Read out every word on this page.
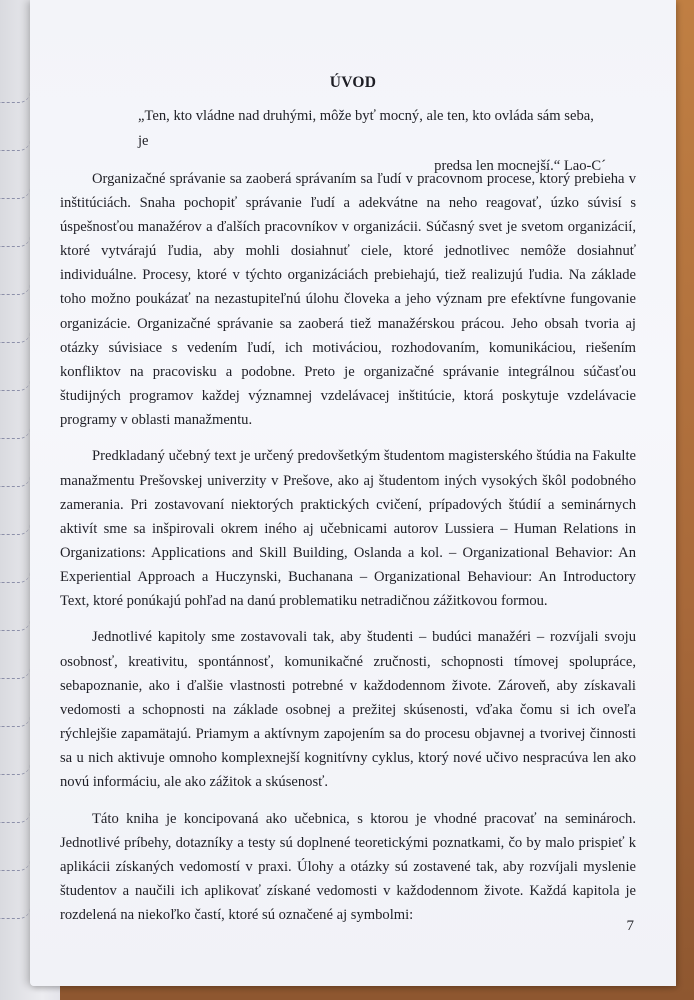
ÚVOD
„Ten, kto vládne nad druhými, môže byť mocný, ale ten, kto ovláda sám seba, je
predsa len mocnejší.“ Lao-C´

Organizačné správanie sa zaoberá správaním sa ľudí v pracovnom procese, ktorý prebieha v inštitúciách. Snaha pochopiť správanie ľudí a adekvátne na neho reagovať, úzko súvisí s úspešnosťou manažérov a ďalších pracovníkov v organizácii. Súčasný svet je svetom organizácií, ktoré vytvárajú ľudia, aby mohli dosiahnuť ciele, ktoré jednotlivec nemôže dosiahnuť individuálne. Procesy, ktoré v týchto organizáciách prebiehajú, tiež realizujú ľudia. Na základe toho možno poukázať na nezastupiteľnú úlohu človeka a jeho význam pre efektívne fungovanie organizácie. Organizačné správanie sa zaoberá tiež manažérskou prácou. Jeho obsah tvoria aj otázky súvisiace s vedením ľudí, ich motiváciou, rozhodovaním, komunikáciou, riešením konfliktov na pracovisku a podobne. Preto je organizačné správanie integrálnou súčasťou študijných programov každej významnej vzdelávacej inštitúcie, ktorá poskytuje vzdelávacie programy v oblasti manažmentu.

Predkladaný učebný text je určený predovšetkým študentom magisterského štúdia na Fakulte manažmentu Prešovskej univerzity v Prešove, ako aj študentom iných vysokých škôl podobného zamerania. Pri zostavovaní niektorých praktických cvičení, prípadových štúdií a seminárnych aktivít sme sa inšpirovali okrem iného aj učebnicami autorov Lussiera – Human Relations in Organizations: Applications and Skill Building, Oslanda a kol. – Organizational Behavior: An Experiential Approach a Huczynski, Buchanana – Organizational Behaviour: An Introductory Text, ktoré ponúkajú pohľad na danú problematiku netradičnou zážitkovou formou.

Jednotlivé kapitoly sme zostavovali tak, aby študenti – budúci manažéri – rozvíjali svoju osobnosť, kreativitu, spontánnosť, komunikačné zručnosti, schopnosti tímovej spolupráce, sebapoznanie, ako i ďalšie vlastnosti potrebné v každodennom živote. Zároveň, aby získavali vedomosti a schopnosti na základe osobnej a prežitej skúsenosti, vďaka čomu si ich oveľa rýchlejšie zapamätajú. Priamym a aktívnym zapojením sa do procesu objavnej a tvorivej činnosti sa u nich aktivuje omnoho komplexnejší kognitívny cyklus, ktorý nové učivo nespracúva len ako novú informáciu, ale ako zážitok a skúsenosť.

Táto kniha je koncipovaná ako učebnica, s ktorou je vhodné pracovať na seminároch. Jednotlivé príbehy, dotazníky a testy sú doplnené teoretickými poznatkami, čo by malo prispieť k aplikácii získaných vedomostí v praxi. Úlohy a otázky sú zostavené tak, aby rozvíjali myslenie študentov a naučili ich aplikovať získané vedomosti v každodennom živote. Každá kapitola je rozdelená na niekoľko častí, ktoré sú označené aj symbolmi:

7
